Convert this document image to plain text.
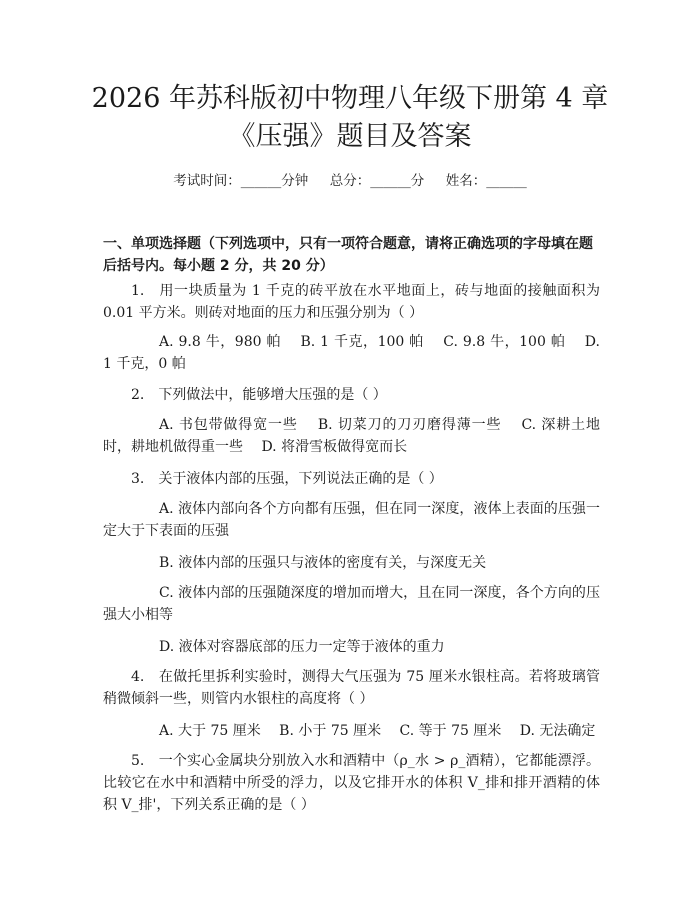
2026 年苏科版初中物理八年级下册第 4 章
《压强》题目及答案
考试时间：______分钟     总分：______分     姓名：______
一、单项选择题（下列选项中，只有一项符合题意，请将正确选项的字母填在题后括号内。每小题 2 分，共 20 分）
1.　用一块质量为 1 千克的砖平放在水平地面上，砖与地面的接触面积为 0.01 平方米。则砖对地面的压力和压强分别为（ ）
A. 9.8 牛，980 帕　 B. 1 千克，100 帕　 C. 9.8 牛，100 帕　 D. 1 千克，0 帕
2.　下列做法中，能够增大压强的是（ ）
A. 书包带做得宽一些　 B. 切菜刀的刀刃磨得薄一些　 C. 深耕土地时，耕地机做得重一些　 D. 将滑雪板做得宽而长
3.　关于液体内部的压强，下列说法正确的是（ ）
A. 液体内部向各个方向都有压强，但在同一深度，液体上表面的压强一定大于下表面的压强
B. 液体内部的压强只与液体的密度有关，与深度无关
C. 液体内部的压强随深度的增加而增大，且在同一深度，各个方向的压强大小相等
D. 液体对容器底部的压力一定等于液体的重力
4.　在做托里拆利实验时，测得大气压强为 75 厘米水银柱高。若将玻璃管稍微倾斜一些，则管内水银柱的高度将（ ）
A. 大于 75 厘米　 B. 小于 75 厘米　 C. 等于 75 厘米　 D. 无法确定
5.　一个实心金属块分别放入水和酒精中（ρ_水 > ρ_酒精），它都能漂浮。比较它在水中和酒精中所受的浮力，以及它排开水的体积 V_排和排开酒精的体积 V_排'，下列关系正确的是（ ）
